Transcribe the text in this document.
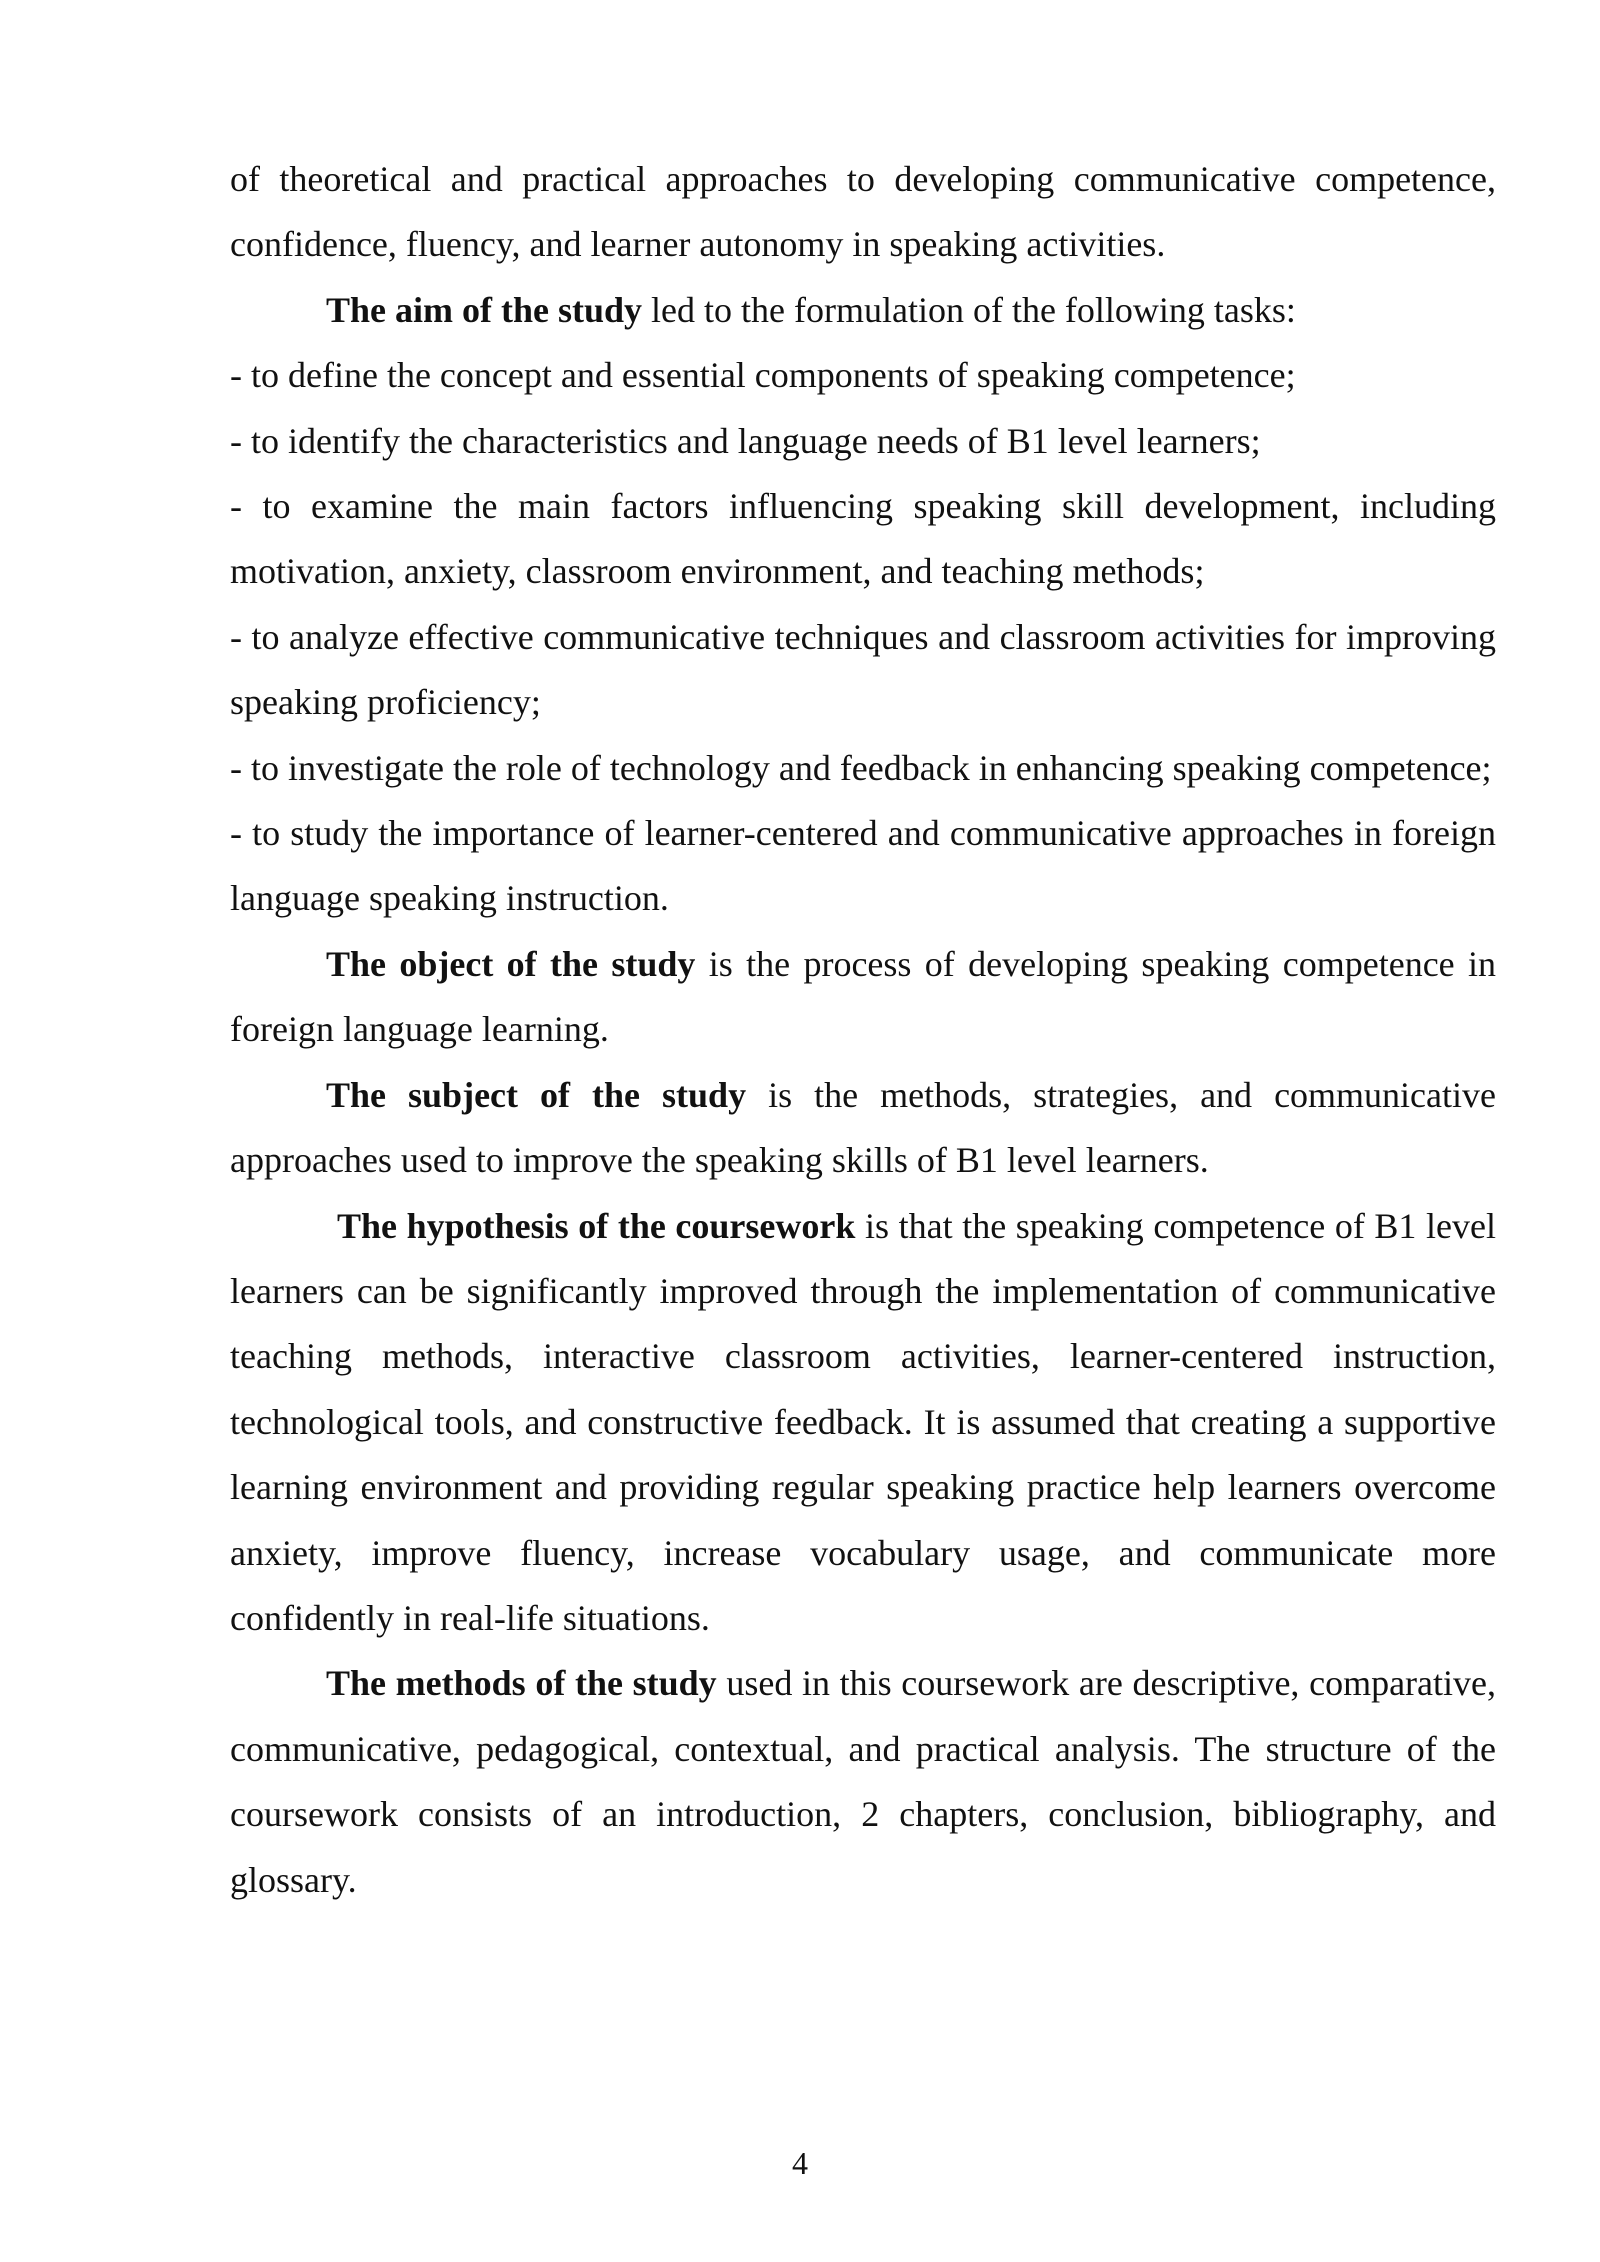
of theoretical and practical approaches to developing communicative competence, confidence, fluency, and learner autonomy in speaking activities.

The aim of the study led to the formulation of the following tasks:

- to define the concept and essential components of speaking competence;

- to identify the characteristics and language needs of B1 level learners;

- to examine the main factors influencing speaking skill development, including motivation, anxiety, classroom environment, and teaching methods;

- to analyze effective communicative techniques and classroom activities for improving speaking proficiency;

- to investigate the role of technology and feedback in enhancing speaking competence;

- to study the importance of learner-centered and communicative approaches in foreign language speaking instruction.

The object of the study is the process of developing speaking competence in foreign language learning.

The subject of the study is the methods, strategies, and communicative approaches used to improve the speaking skills of B1 level learners.

The hypothesis of the coursework is that the speaking competence of B1 level learners can be significantly improved through the implementation of communicative teaching methods, interactive classroom activities, learner-centered instruction, technological tools, and constructive feedback. It is assumed that creating a supportive learning environment and providing regular speaking practice help learners overcome anxiety, improve fluency, increase vocabulary usage, and communicate more confidently in real-life situations.

The methods of the study used in this coursework are descriptive, comparative, communicative, pedagogical, contextual, and practical analysis. The structure of the coursework consists of an introduction, 2 chapters, conclusion, bibliography, and glossary.

4
